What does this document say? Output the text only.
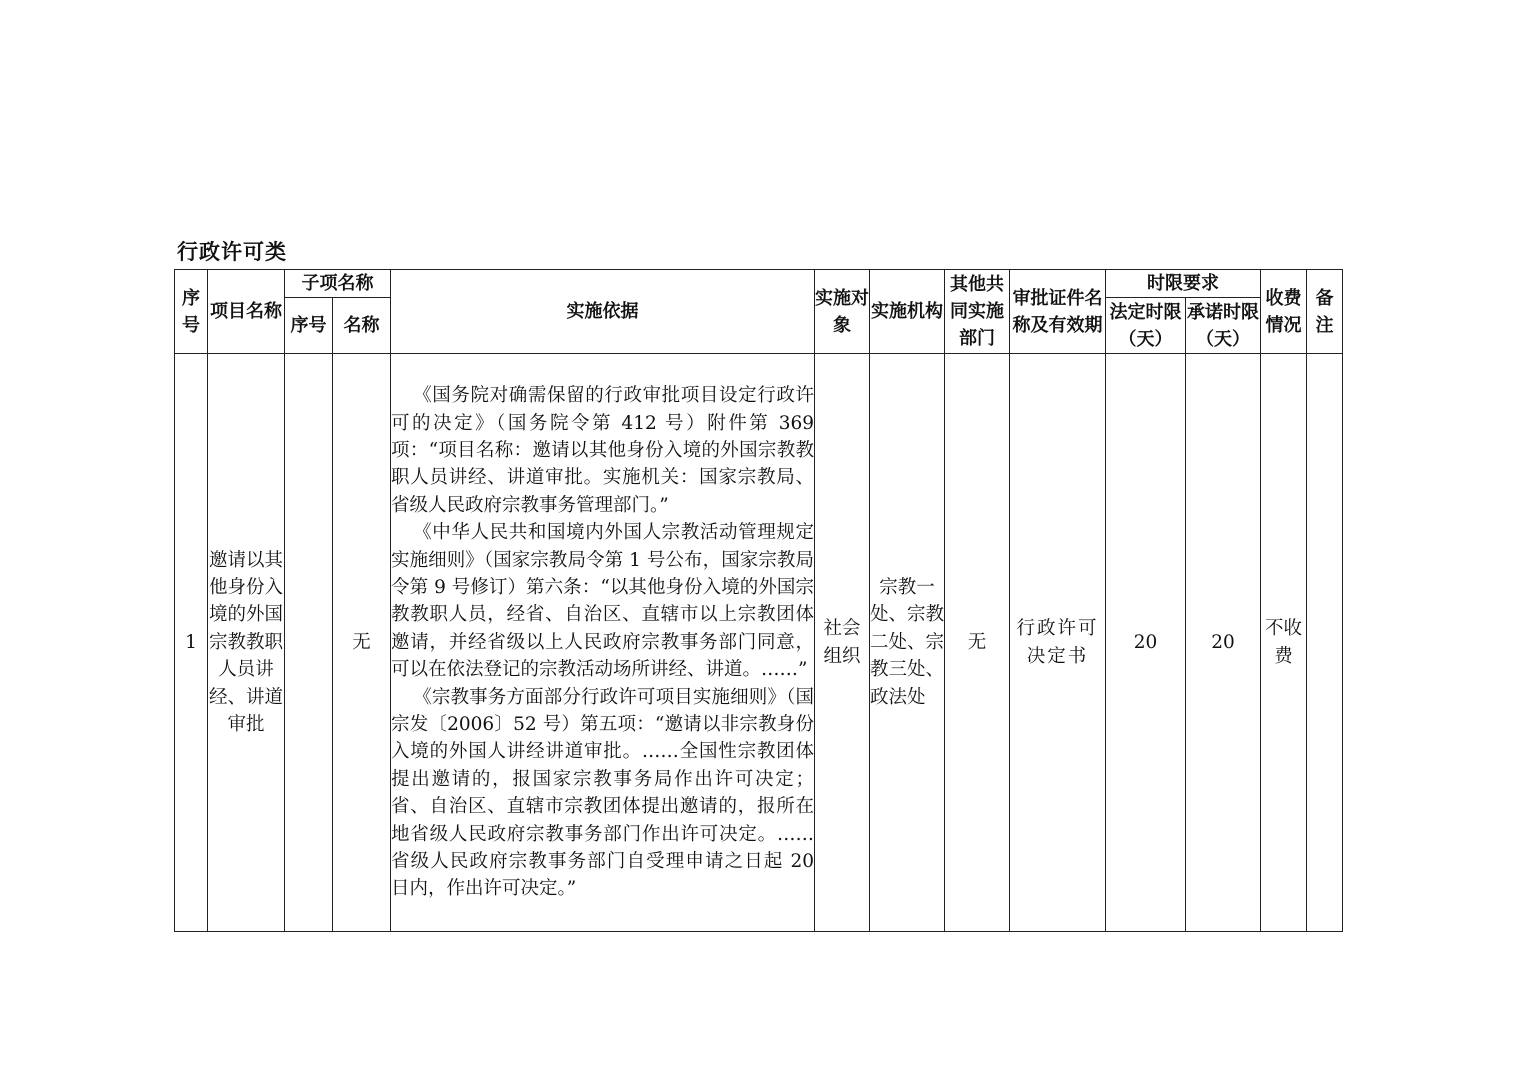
行政许可类
序号	项目名称	子项名称		实施依据	实施对象	实施机构	其他共同实施部门	审批证件名称及有效期	时限要求		收费情况	备注
		序号	名称						法定时限（天）	承诺时限（天）		
1	邀请以其他身份入境的外国宗教教职人员讲经、讲道审批		无	《国务院对确需保留的行政审批项目设定行政许可的决定》（国务院令第 412 号）附件第 369 项：“项目名称：邀请以其他身份入境的外国宗教教职人员讲经、讲道审批。实施机关：国家宗教局、省级人民政府宗教事务管理部门。”

《中华人民共和国境内外国人宗教活动管理规定实施细则》（国家宗教局令第 1 号公布，国家宗教局令第 9 号修订）第六条：“以其他身份入境的外国宗教教职人员，经省、自治区、直辖市以上宗教团体邀请，并经省级以上人民政府宗教事务部门同意，可以在依法登记的宗教活动场所讲经、讲道。……”

《宗教事务方面部分行政许可项目实施细则》（国宗发〔2006〕52 号）第五项：“邀请以非宗教身份入境的外国人讲经讲道审批。……全国性宗教团体提出邀请的，报国家宗教事务局作出许可决定；省、自治区、直辖市宗教团体提出邀请的，报所在地省级人民政府宗教事务部门作出许可决定。……省级人民政府宗教事务部门自受理申请之日起 20 日内，作出许可决定。”	社会组织	宗教一处、宗教二处、宗教三处、政法处	无	行政许可决定书	20	20	不收费	
